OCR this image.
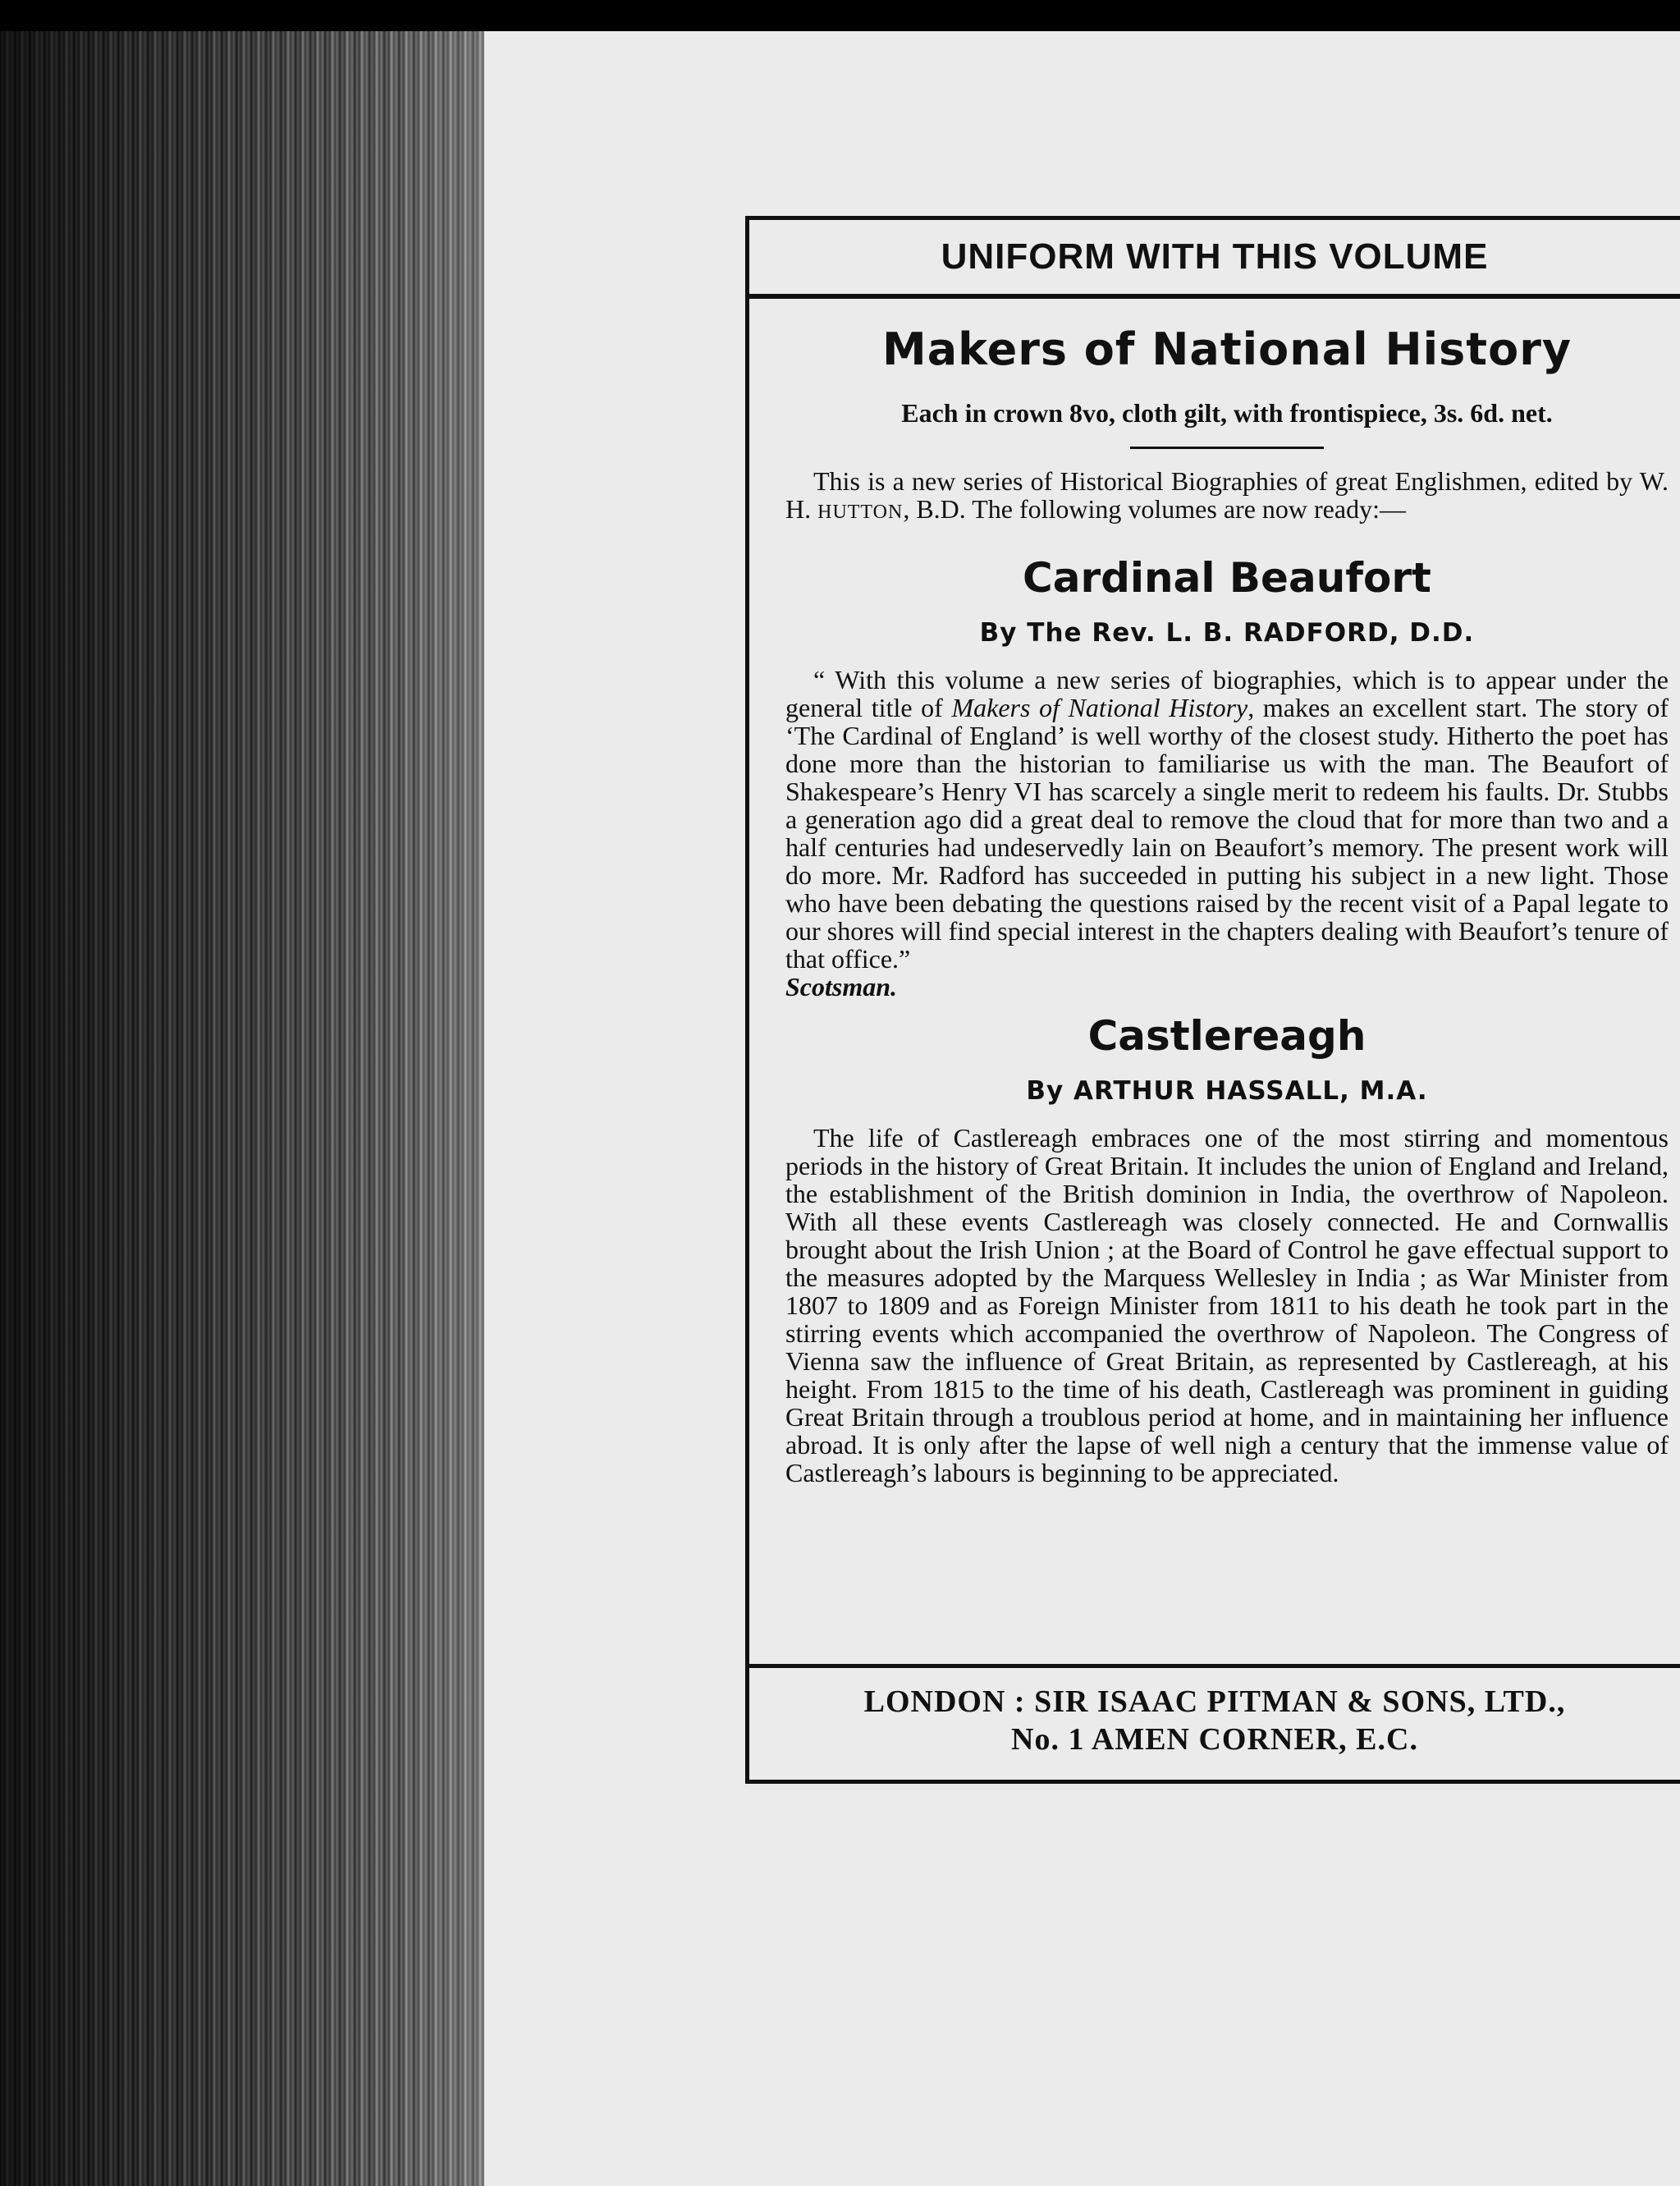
UNIFORM WITH THIS VOLUME
Makers of National History
Each in crown 8vo, cloth gilt, with frontispiece, 3s. 6d. net.

This is a new series of Historical Biographies of great Englishmen, edited by W. H. HUTTON, B.D. The following volumes are now ready:—

Cardinal Beaufort
By The Rev. L. B. RADFORD, D.D.

“ With this volume a new series of biographies, which is to appear under the general title of Makers of National History, makes an excellent start. The story of ‘The Cardinal of England’ is well worthy of the closest study. Hitherto the poet has done more than the historian to familiarise us with the man. The Beaufort of Shakespeare’s Henry VI has scarcely a single merit to redeem his faults. Dr. Stubbs a generation ago did a great deal to remove the cloud that for more than two and a half centuries had undeservedly lain on Beaufort’s memory. The present work will do more. Mr. Radford has succeeded in putting his subject in a new light. Those who have been debating the questions raised by the recent visit of a Papal legate to our shores will find special interest in the chapters dealing with Beaufort’s tenure of that office.”

Scotsman.

Castlereagh
By ARTHUR HASSALL, M.A.

The life of Castlereagh embraces one of the most stirring and momentous periods in the history of Great Britain. It includes the union of England and Ireland, the establishment of the British dominion in India, the overthrow of Napoleon. With all these events Castlereagh was closely connected. He and Cornwallis brought about the Irish Union ; at the Board of Control he gave effectual support to the measures adopted by the Marquess Wellesley in India ; as War Minister from 1807 to 1809 and as Foreign Minister from 1811 to his death he took part in the stirring events which accompanied the overthrow of Napoleon. The Congress of Vienna saw the influence of Great Britain, as represented by Castlereagh, at his height. From 1815 to the time of his death, Castlereagh was prominent in guiding Great Britain through a troublous period at home, and in maintaining her influence abroad. It is only after the lapse of well nigh a century that the immense value of Castlereagh’s labours is beginning to be appreciated.

LONDON : SIR ISAAC PITMAN & SONS, LTD.,
No. 1 AMEN CORNER, E.C.
